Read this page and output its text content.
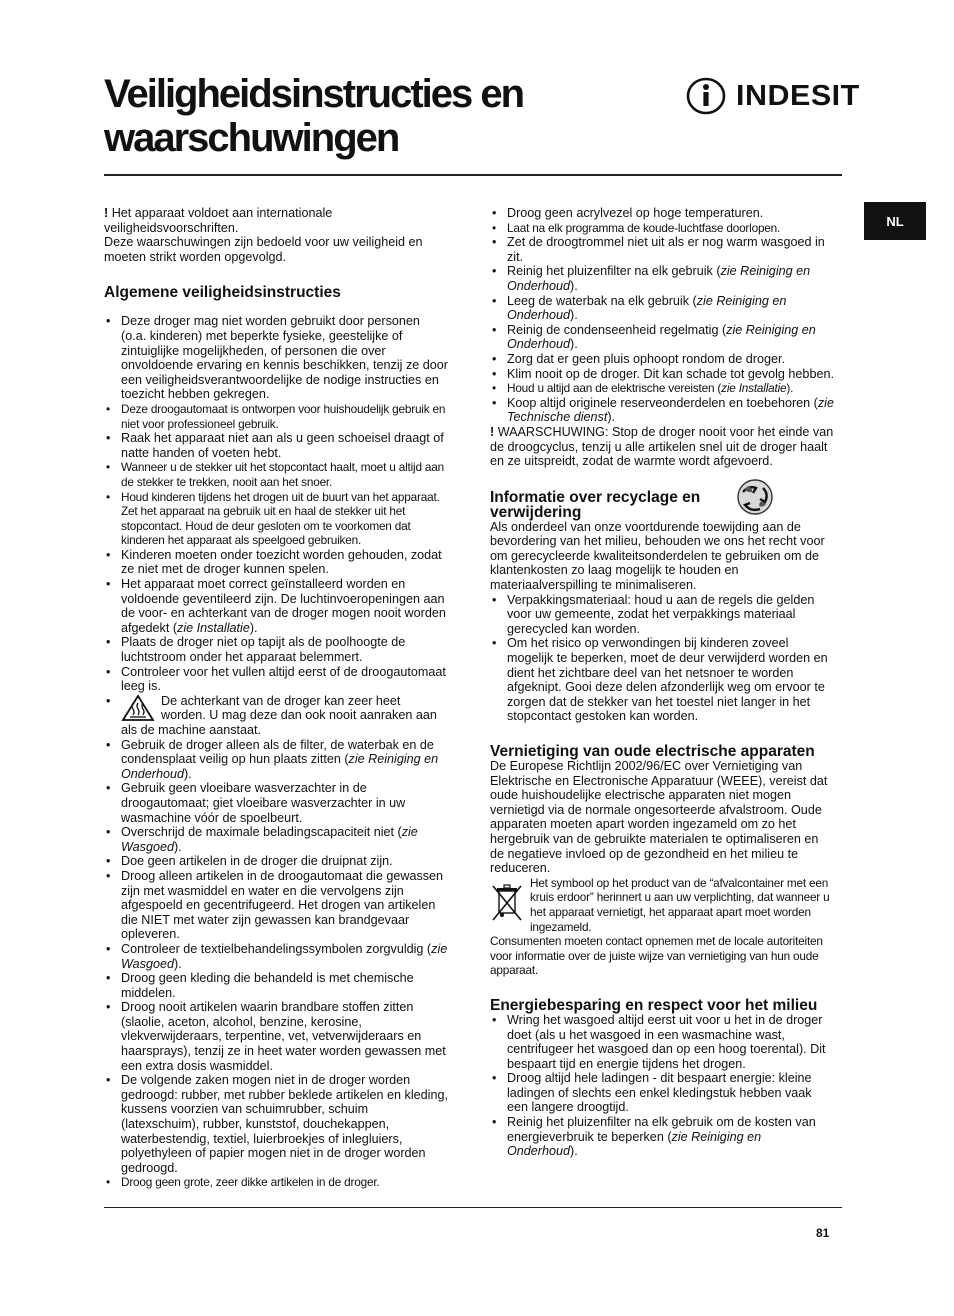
Veiligheidsinstructies en waarschuwingen
INDESIT
NL

! Het apparaat voldoet aan internationale veiligheidsvoorschriften.

Deze waarschuwingen zijn bedoeld voor uw veiligheid en moeten strikt worden opgevolgd.

Algemene veiligheidsinstructies
• Deze droger mag niet worden gebruikt door personen (o.a. kinderen) met beperkte fysieke, geestelijke of zintuiglijke mogelijkheden, of personen die over onvoldoende ervaring en kennis beschikken, tenzij ze door een veiligheidsverantwoordelijke de nodige instructies en toezicht hebben gekregen.
• Deze droogautomaat is ontworpen voor huishoudelijk gebruik en niet voor professioneel gebruik.
• Raak het apparaat niet aan als u geen schoeisel draagt of natte handen of voeten hebt.
• Wanneer u de stekker uit het stopcontact haalt, moet u altijd aan de stekker te trekken, nooit aan het snoer.
• Houd kinderen tijdens het drogen uit de buurt van het apparaat. Zet het apparaat na gebruik uit en haal de stekker uit het stopcontact. Houd de deur gesloten om te voorkomen dat kinderen het apparaat als speelgoed gebruiken.
• Kinderen moeten onder toezicht worden gehouden, zodat ze niet met de droger kunnen spelen.
• Het apparaat moet correct geïnstalleerd worden en voldoende geventileerd zijn. De luchtinvoeropeningen aan de voor- en achterkant van de droger mogen nooit worden afgedekt (zie Installatie).
• Plaats de droger niet op tapijt als de poolhoogte de luchtstroom onder het apparaat belemmert.
• Controleer voor het vullen altijd eerst of de droogautomaat leeg is.
• De achterkant van de droger kan zeer heet worden. U mag deze dan ook nooit aanraken aan als de machine aanstaat.
• Gebruik de droger alleen als de filter, de waterbak en de condensplaat veilig op hun plaats zitten (zie Reiniging en Onderhoud).
• Gebruik geen vloeibare wasverzachter in de droogautomaat; giet vloeibare wasverzachter in uw wasmachine vóór de spoelbeurt.
• Overschrijd de maximale beladingscapaciteit niet (zie Wasgoed).
• Doe geen artikelen in de droger die druipnat zijn.
• Droog alleen artikelen in de droogautomaat die gewassen zijn met wasmiddel en water en die vervolgens zijn afgespoeld en gecentrifugeerd. Het drogen van artikelen die NIET met water zijn gewassen kan brandgevaar opleveren.
• Controleer de textielbehandelingssymbolen zorgvuldig (zie Wasgoed).
• Droog geen kleding die behandeld is met chemische middelen.
• Droog nooit artikelen waarin brandbare stoffen zitten (slaolie, aceton, alcohol, benzine, kerosine, vlekverwijderaars, terpentine, vet, vetverwijderaars en haarsprays), tenzij ze in heet water worden gewassen met een extra dosis wasmiddel.
• De volgende zaken mogen niet in de droger worden gedroogd: rubber, met rubber beklede artikelen en kleding, kussens voorzien van schuimrubber, schuim (latexschuim), rubber, kunststof, douchekappen, waterbestendig, textiel, luierbroekjes of inlegluiers, polyethyleen of papier mogen niet in de droger worden gedroogd.
• Droog geen grote, zeer dikke artikelen in de droger.
• Droog geen acrylvezel op hoge temperaturen.
• Laat na elk programma de koude-luchtfase doorlopen.
• Zet de droogtrommel niet uit als er nog warm wasgoed in zit.
• Reinig het pluizenfilter na elk gebruik (zie Reiniging en Onderhoud).
• Leeg de waterbak na elk gebruik (zie Reiniging en Onderhoud).
• Reinig de condenseenheid regelmatig (zie Reiniging en Onderhoud).
• Zorg dat er geen pluis ophoopt rondom de droger.
• Klim nooit op de droger. Dit kan schade tot gevolg hebben.
• Houd u altijd aan de elektrische vereisten (zie Installatie).
• Koop altijd originele reserveonderdelen en toebehoren (zie Technische dienst).

! WAARSCHUWING: Stop de droger nooit voor het einde van de droogcyclus, tenzij u alle artikelen snel uit de droger haalt en ze uitspreidt, zodat de warmte wordt afgevoerd.

Informatie over recyclage en verwijdering

Als onderdeel van onze voortdurende toewijding aan de bevordering van het milieu, behouden we ons het recht voor om gerecycleerde kwaliteitsonderdelen te gebruiken om de klantenkosten zo laag mogelijk te houden en materiaalverspilling te minimaliseren.

• Verpakkingsmateriaal: houd u aan de regels die gelden voor uw gemeente, zodat het verpakkings materiaal gerecycled kan worden.
• Om het risico op verwondingen bij kinderen zoveel mogelijk te beperken, moet de deur verwijderd worden en dient het zichtbare deel van het netsnoer te worden afgeknipt. Gooi deze delen afzonderlijk weg om ervoor te zorgen dat de stekker van het toestel niet langer in het stopcontact gestoken kan worden.
Vernietiging van oude electrische apparaten

De Europese Richtlijn 2002/96/EC over Vernietiging van Elektrische en Electronische Apparatuur (WEEE), vereist dat oude huishoudelijke electrische apparaten niet mogen vernietigd via de normale ongesorteerde afvalstroom. Oude apparaten moeten apart worden ingezameld om zo het hergebruik van de gebruikte materialen te optimaliseren en de negatieve invloed op de gezondheid en het milieu te reduceren.

Het symbool op het product van de “afvalcontainer met een kruis erdoor” herinnert u aan uw verplichting, dat wanneer u het apparaat vernietigt, het apparaat apart moet worden ingezameld.

Consumenten moeten contact opnemen met de locale autoriteiten voor informatie over de juiste wijze van vernietiging van hun oude apparaat.

Energiebesparing en respect voor het milieu
• Wring het wasgoed altijd eerst uit voor u het in de droger doet (als u het wasgoed in een wasmachine wast, centrifugeer het wasgoed dan op een hoog toerental). Dit bespaart tijd en energie tijdens het drogen.
• Droog altijd hele ladingen - dit bespaart energie: kleine ladingen of slechts een enkel kledingstuk hebben vaak een langere droogtijd.
• Reinig het pluizenfilter na elk gebruik om de kosten van energieverbruik te beperken (zie Reiniging en Onderhoud).
81
